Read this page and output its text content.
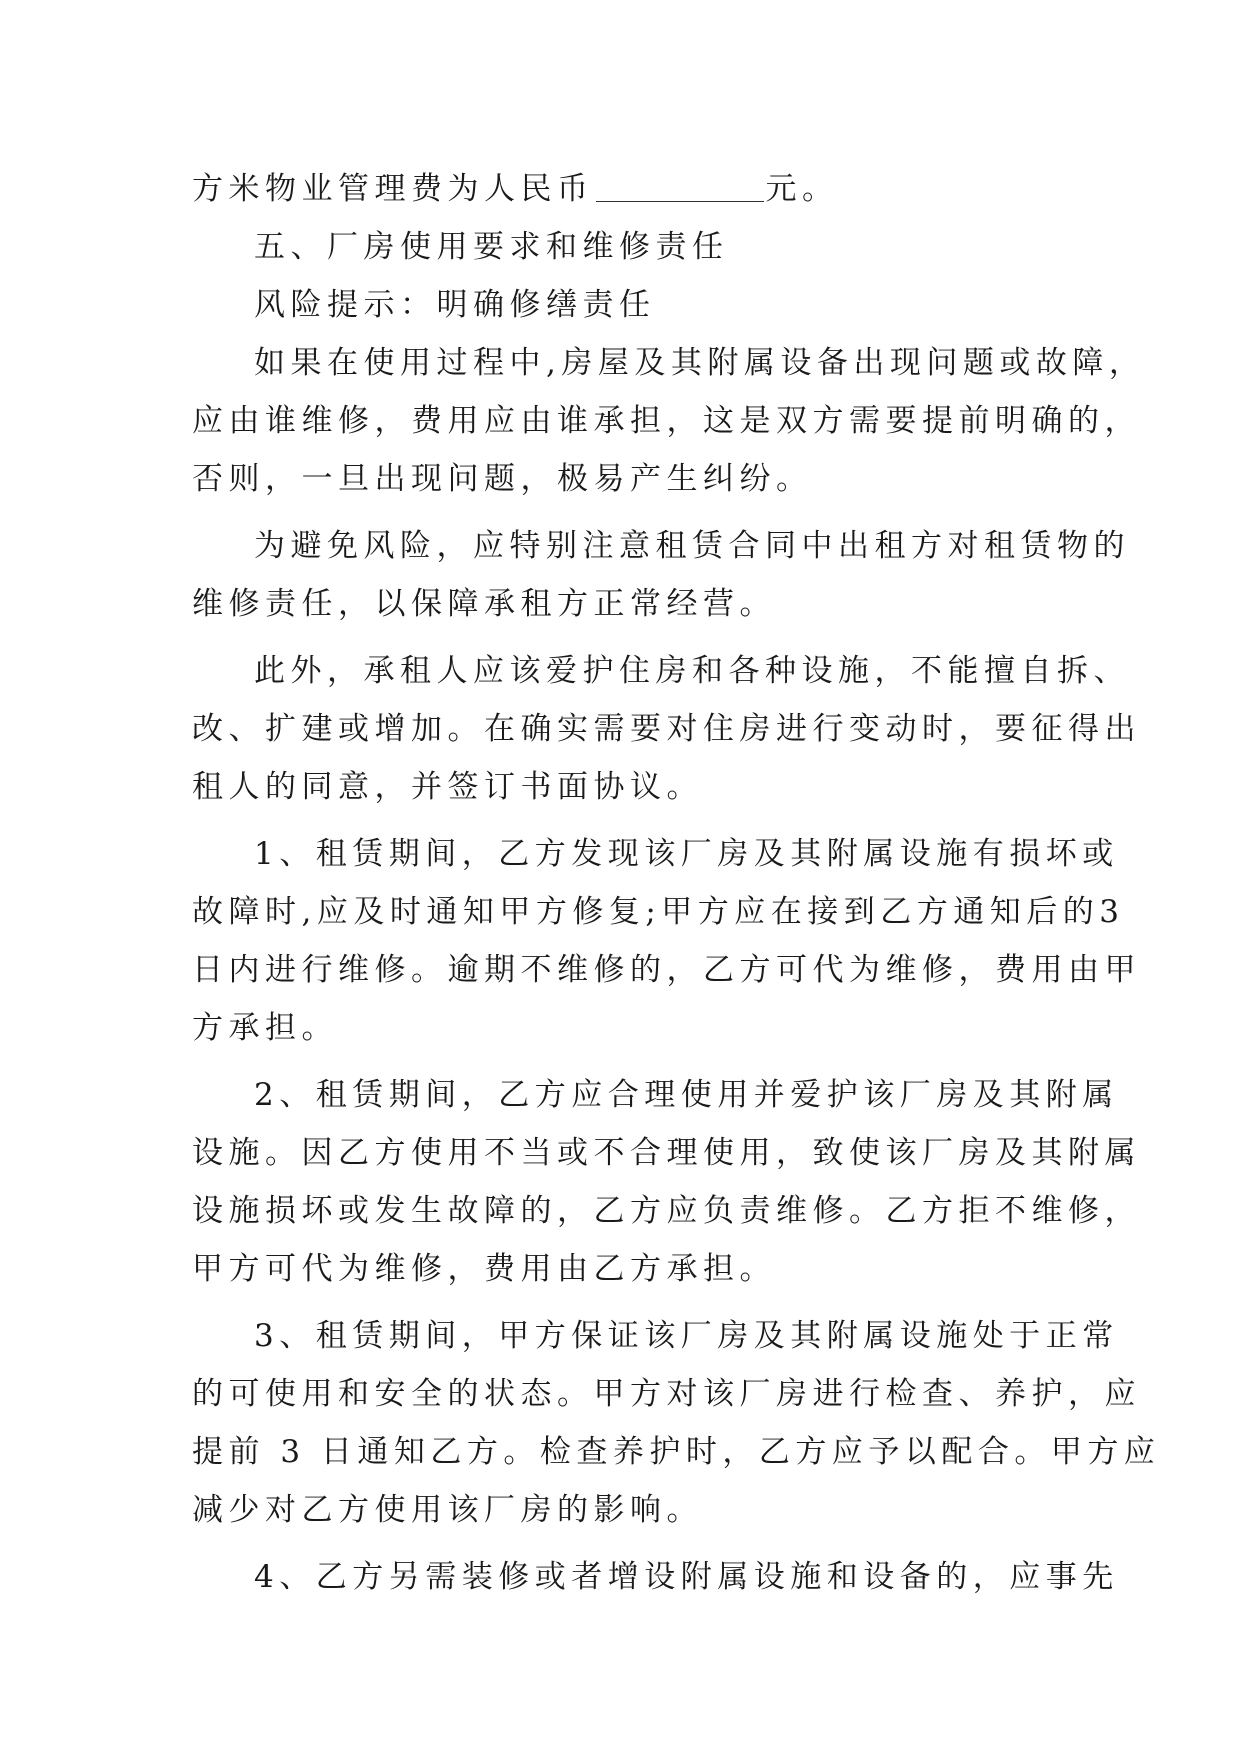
方米物业管理费为人民币	元。
五、厂房使用要求和维修责任
风险提示：明确修缮责任
如果在使用过程中,房屋及其附属设备出现问题或故障，
应由谁维修，费用应由谁承担，这是双方需要提前明确的，
否则，一旦出现问题，极易产生纠纷。
为避免风险，应特别注意租赁合同中出租方对租赁物的
维修责任，以保障承租方正常经营。
此外，承租人应该爱护住房和各种设施，不能擅自拆、
改、扩建或增加。在确实需要对住房进行变动时，要征得出
租人的同意，并签订书面协议。
1、租赁期间，乙方发现该厂房及其附属设施有损坏或
故障时,应及时通知甲方修复;甲方应在接到乙方通知后的3
日内进行维修。逾期不维修的，乙方可代为维修，费用由甲
方承担。
2、租赁期间，乙方应合理使用并爱护该厂房及其附属
设施。因乙方使用不当或不合理使用，致使该厂房及其附属
设施损坏或发生故障的，乙方应负责维修。乙方拒不维修，
甲方可代为维修，费用由乙方承担。
3、租赁期间，甲方保证该厂房及其附属设施处于正常
的可使用和安全的状态。甲方对该厂房进行检查、养护，应
提前 3 日通知乙方。检查养护时，乙方应予以配合。甲方应
减少对乙方使用该厂房的影响。
4、乙方另需装修或者增设附属设施和设备的，应事先
